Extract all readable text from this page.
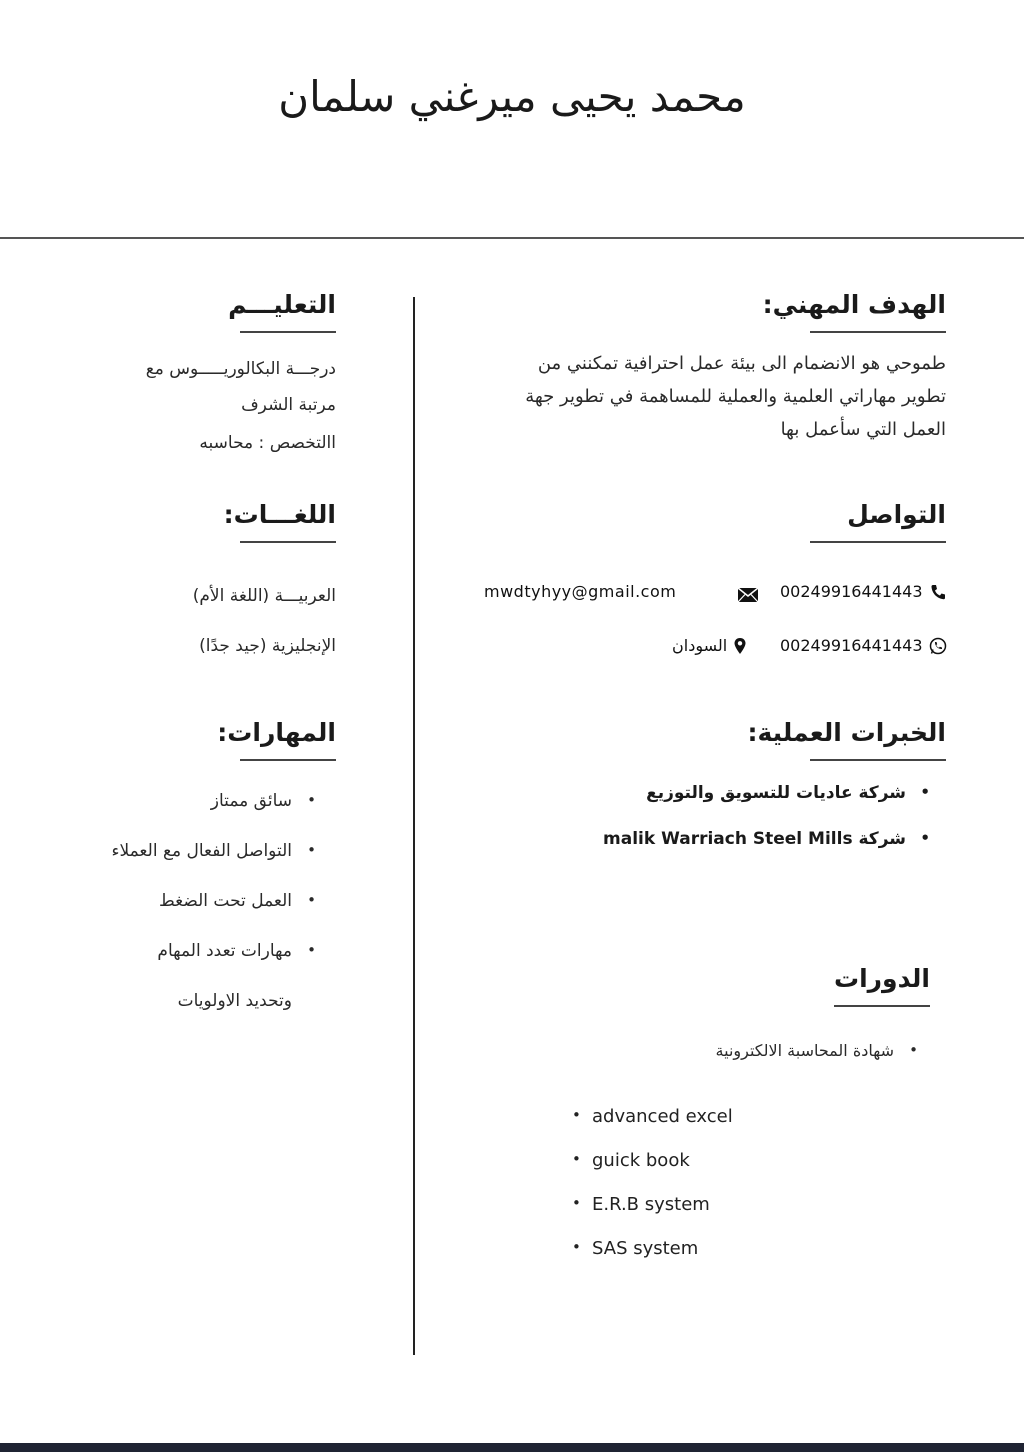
محمد يحيى ميرغني سلمان
الهدف المهني:
طموحي هو الانضمام الى بيئة عمل احترافية تمكنني من
تطوير مهاراتي العلمية والعملية للمساهمة في تطوير جهة
العمل التي سأعمل بها
التواصل
00249916441443
mwdtyhyy@gmail.com
00249916441443
السودان
الخبرات العملية:
• شركة عاديات للتسويق والتوزيع
• شركة malik Warriach Steel Mills
الدورات
• شهادة المحاسبة الالكترونية
• advanced excel
• guick book
• E.R.B system
• SAS system
التعليـــم
درجـــة البكالوريـــــوس مع
مرتبة الشرف
االتخصص : محاسبه
اللغـــات:
العربيـــة (اللغة الأم)
الإنجليزية (جيد جدًا)
المهارات:
• سائق ممتاز
• التواصل الفعال مع العملاء
• العمل تحت الضغط
• مهارات تعدد المهام
وتحديد الاولويات
